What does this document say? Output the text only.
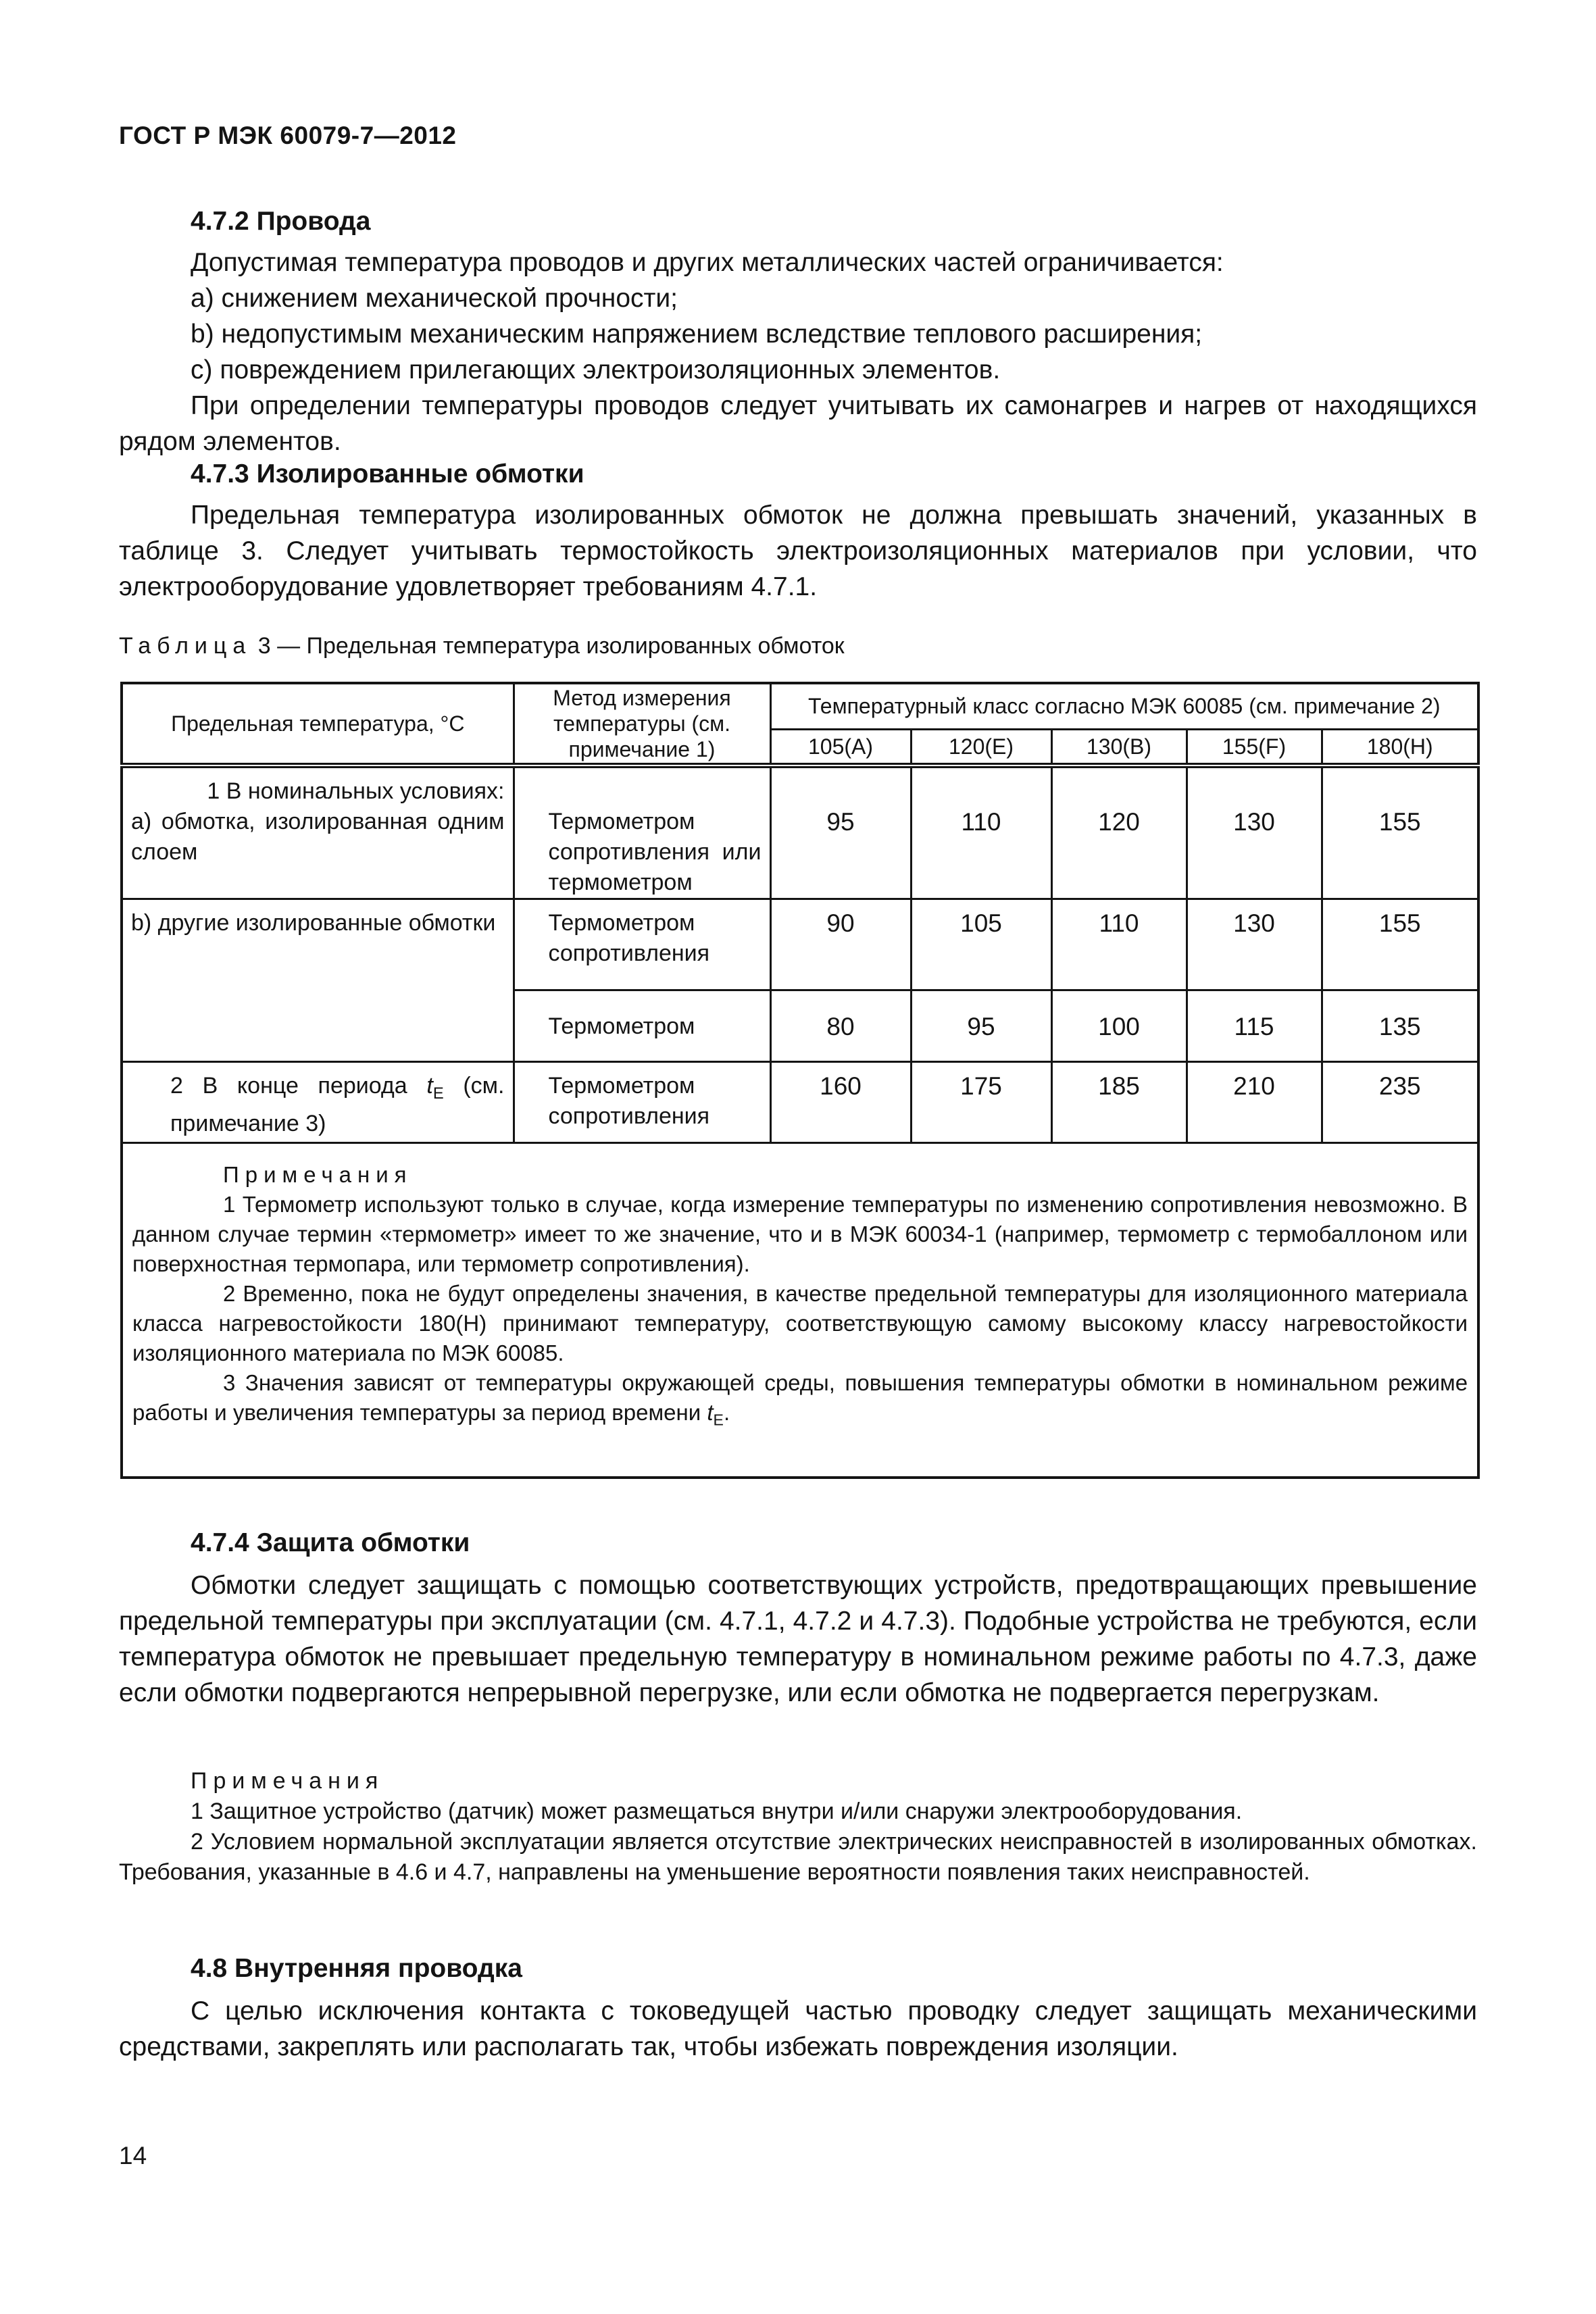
ГОСТ Р МЭК 60079-7—2012
4.7.2 Провода
Допустимая температура проводов и других металлических частей ограничивается:
a) снижением механической прочности;
b) недопустимым механическим напряжением вследствие теплового расширения;
c) повреждением прилегающих электроизоляционных элементов.
При определении температуры проводов следует учитывать их самонагрев и нагрев от находящихся рядом элементов.
4.7.3 Изолированные обмотки
Предельная температура изолированных обмоток не должна превышать значений, указанных в таблице 3. Следует учитывать термостойкость электроизоляционных материалов при условии, что электрооборудование удовлетворяет требованиям 4.7.1.
Таблица 3 — Предельная температура изолированных обмоток
Предельная температура, °С	Метод измерения температуры (см. примечание 1)	Температурный класс согласно МЭК 60085 (см. примечание 2)				
		105(A)	120(E)	130(B)	155(F)	180(H)

1 В номинальных условиях:
a) обмотка, изолированная одним слоем	Термометром сопротивления или термометром	95	110	120	130	155
b) другие изолированные обмотки	Термометром сопротивления	90	105	110	130	155
	Термометром	80	95	100	115	135
2 В конце периода $t_E$ (см. примечание 3)	Термометром сопротивления	160	175	185	210	235

Примечания
1 Термометр используют только в случае, когда измерение температуры по изменению сопротивления невозможно. В данном случае термин «термометр» имеет то же значение, что и в МЭК 60034-1 (например, термометр с термобаллоном или поверхностная термопара, или термометр сопротивления).
2 Временно, пока не будут определены значения, в качестве предельной температуры для изоляционного материала класса нагревостойкости 180(H) принимают температуру, соответствующую самому высокому классу нагревостойкости изоляционного материала по МЭК 60085.
3 Значения зависят от температуры окружающей среды, повышения температуры обмотки в номинальном режиме работы и увеличения температуры за период времени $t_E$.						
4.7.4 Защита обмотки
Обмотки следует защищать с помощью соответствующих устройств, предотвращающих превышение предельной температуры при эксплуатации (см. 4.7.1, 4.7.2 и 4.7.3). Подобные устройства не требуются, если температура обмоток не превышает предельную температуру в номинальном режиме работы по 4.7.3, даже если обмотки подвергаются непрерывной перегрузке, или если обмотка не подвергается перегрузкам.
Примечания
1 Защитное устройство (датчик) может размещаться внутри и/или снаружи электрооборудования.
2 Условием нормальной эксплуатации является отсутствие электрических неисправностей в изолированных обмотках. Требования, указанные в 4.6 и 4.7, направлены на уменьшение вероятности появления таких неисправностей.
4.8 Внутренняя проводка
С целью исключения контакта с токоведущей частью проводку следует защищать механическими средствами, закреплять или располагать так, чтобы избежать повреждения изоляции.
14
